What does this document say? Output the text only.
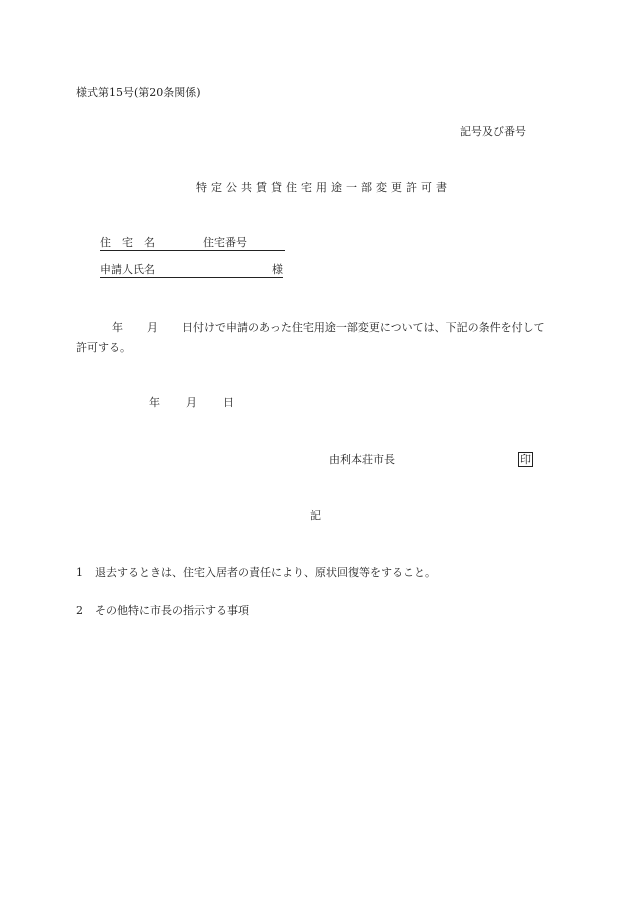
様式第15号(第20条関係)
記号及び番号
特定公共賃貸住宅用途一部変更許可書
住　宅　名	住宅番号
申請人氏名	様
年 月 日付けで申請のあった住宅用途一部変更については、下記の条件を付して許可する。
年 月 日
由利本荘市長	印
記
1 退去するときは、住宅入居者の責任により、原状回復等をすること。
2 その他特に市長の指示する事項
